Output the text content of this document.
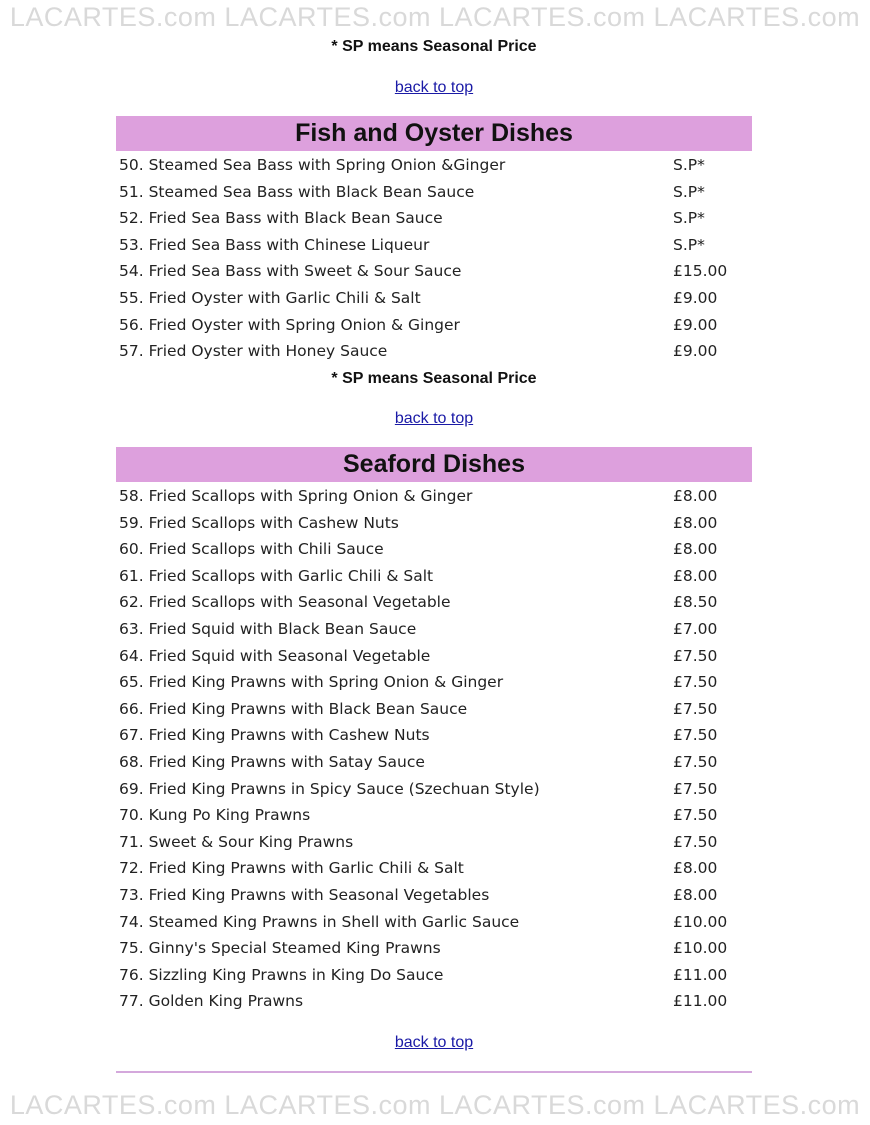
LACARTES.com LACARTES.com LACARTES.com LACARTES.com
* SP means Seasonal Price
back to top
Fish and Oyster Dishes
50. Steamed Sea Bass with Spring Onion &Ginger	S.P*
51. Steamed Sea Bass with Black Bean Sauce	S.P*
52. Fried Sea Bass with Black Bean Sauce	S.P*
53. Fried Sea Bass with Chinese Liqueur	S.P*
54. Fried Sea Bass with Sweet & Sour Sauce	£15.00
55. Fried Oyster with Garlic Chili & Salt	£9.00
56. Fried Oyster with Spring Onion & Ginger	£9.00
57. Fried Oyster with Honey Sauce	£9.00
* SP means Seasonal Price
back to top
Seaford Dishes
58. Fried Scallops with Spring Onion & Ginger	£8.00
59. Fried Scallops with Cashew Nuts	£8.00
60. Fried Scallops with Chili Sauce	£8.00
61. Fried Scallops with Garlic Chili & Salt	£8.00
62. Fried Scallops with Seasonal Vegetable	£8.50
63. Fried Squid with Black Bean Sauce	£7.00
64. Fried Squid with Seasonal Vegetable	£7.50
65. Fried King Prawns with Spring Onion & Ginger	£7.50
66. Fried King Prawns with Black Bean Sauce	£7.50
67. Fried King Prawns with Cashew Nuts	£7.50
68. Fried King Prawns with Satay Sauce	£7.50
69. Fried King Prawns in Spicy Sauce (Szechuan Style)	£7.50
70. Kung Po King Prawns	£7.50
71. Sweet & Sour King Prawns	£7.50
72. Fried King Prawns with Garlic Chili & Salt	£8.00
73. Fried King Prawns with Seasonal Vegetables	£8.00
74. Steamed King Prawns in Shell with Garlic Sauce	£10.00
75. Ginny's Special Steamed King Prawns	£10.00
76. Sizzling King Prawns in King Do Sauce	£11.00
77. Golden King Prawns	£11.00
back to top
LACARTES.com LACARTES.com LACARTES.com LACARTES.com
